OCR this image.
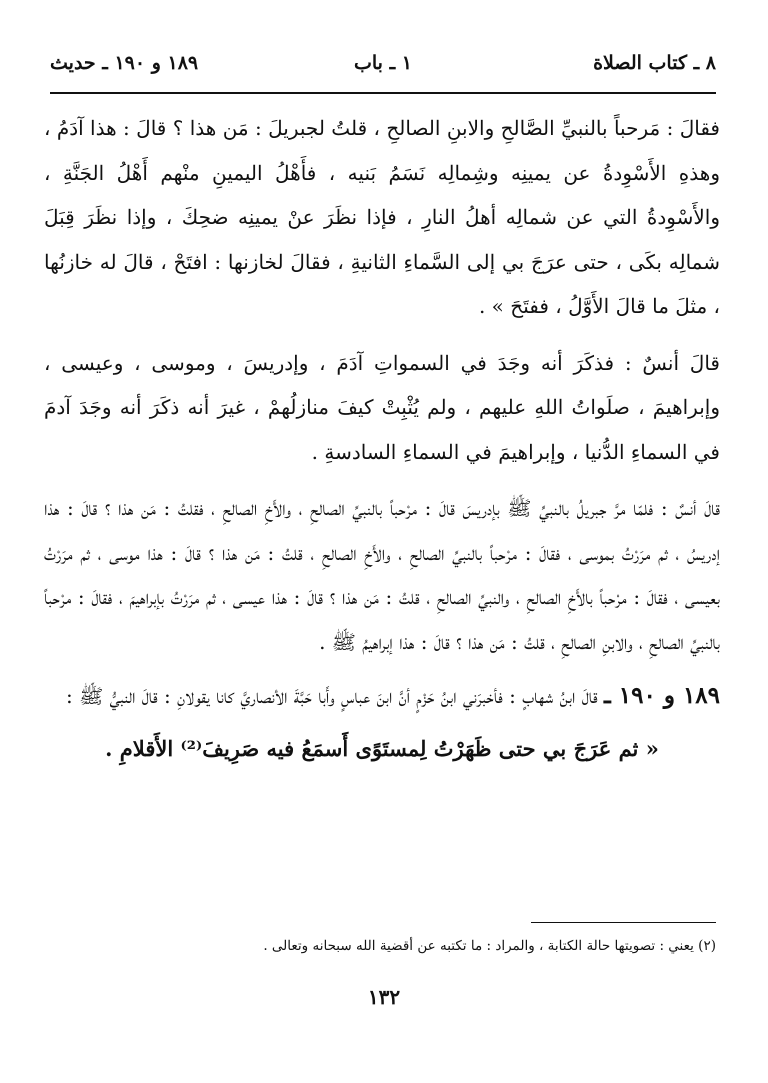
٨ ـ كتاب الصلاة
١ ـ باب
١٨٩ و ١٩٠ ـ حديث

فقالَ : مَرحباً بالنبيِّ الصَّالحِ والابنِ الصالحِ ، قلتُ لجبريلَ : مَن هذا ؟ قالَ : هذا آدَمُ ، وهذهِ الأَسْوِدةُ عن يمينِه وشِمالِه نَسَمُ بَنيه ، فأَهْلُ اليمينِ منْهم أَهْلُ الجَنَّةِ ، والأَسْوِدةُ التي عن شمالِه أهلُ النارِ ، فإذا نظَرَ عنْ يمينِه ضحِكَ ، وإذا نظَرَ قِبَلَ شمالِه بكَى ، حتى عرَجَ بي إلى السَّماءِ الثانيةِ ، فقالَ لخازنها : افتَحْ ، قالَ له خازنُها ، مثلَ ما قالَ الأَوَّلُ ، ففتَحَ » .

قالَ أنسٌ : فذكَرَ أنه وجَدَ في السمواتِ آدَمَ ، وإدريسَ ، وموسى ، وعيسى ، وإبراهيمَ ، صلَواتُ اللهِ عليهم ، ولم يُثْبِتْ كيفَ منازلُهمْ ، غيرَ أنه ذكَرَ أنه وجَدَ آدمَ في السماءِ الدُّنيا ، وإبراهيمَ في السماءِ السادسةِ .

قالَ أنسٌ : فلمّا مرَّ جبريلُ بالنبيِّ ﷺ بإدريسَ قالَ : مرْحباً بالنبيِّ الصالحِ ، والأَخِ الصالحِ ، فقلتُ : مَن هذا ؟ قالَ : هذا إدريسُ ، ثم مرَرْتُ بموسى ، فقالَ : مرْحباً بالنبيِّ الصالحِ ، والأَخِ الصالحِ ، قلتُ : مَن هذا ؟ قالَ : هذا موسى ، ثم مرَرْتُ بعيسى ، فقالَ : مرْحباً بالأَخِ الصالحِ ، والنبيِّ الصالحِ ، قلتُ : مَن هذا ؟ قالَ : هذا عيسى ، ثم مرَرْتُ بإبراهيمَ ، فقالَ : مرْحباً بالنبيِّ الصالحِ ، والابنِ الصالحِ ، قلتُ : مَن هذا ؟ قالَ : هذا إبراهيمُ ﷺ .

١٨٩ و ١٩٠ ـ قالَ ابنُ شهابٍ : فأخبرَني ابنُ حَزْمٍ أنَّ ابنَ عباسٍ وأَبا حَبَّةَ الأنصاريَّ كانا يقولانِ : قالَ النبيُّ ﷺ :

« ثم عَرَجَ بي حتى ظَهَرْتُ لِمستَوًى أَسمَعُ فيه صَرِيفَ⁽²⁾ الأَقلامِ .

(٢) يعني : تصويتها حالة الكتابة ، والمراد : ما تكتبه عن أقضية الله سبحانه وتعالى .
١٣٢
